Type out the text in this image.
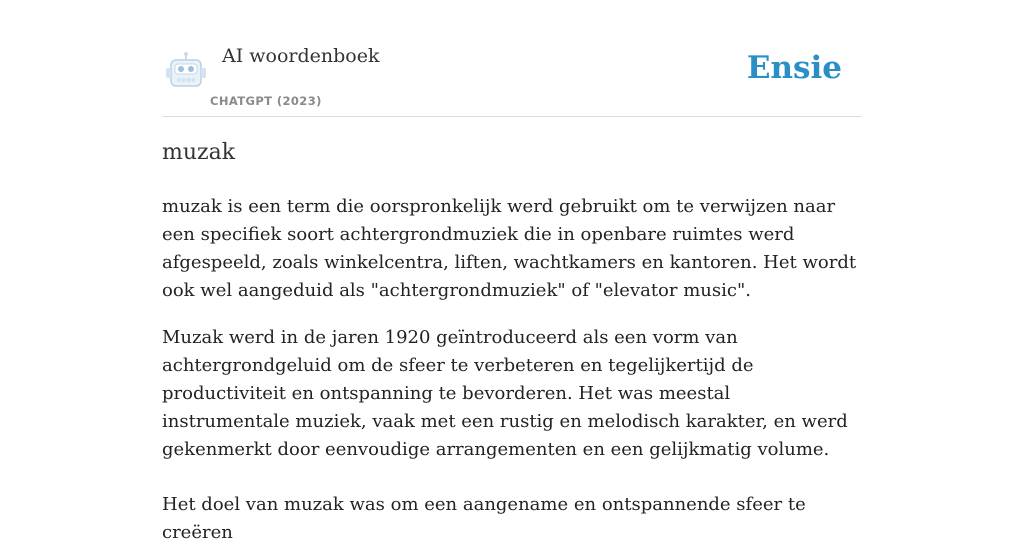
AI woordenboek
CHATGPT (2023)
Ensie
muzak

muzak is een term die oorspronkelijk werd gebruikt om te verwijzen naar een specifiek soort achtergrondmuziek die in openbare ruimtes werd afgespeeld, zoals winkelcentra, liften, wachtkamers en kantoren. Het wordt ook wel aangeduid als "achtergrondmuziek" of "elevator music".

Muzak werd in de jaren 1920 geïntroduceerd als een vorm van achtergrondgeluid om de sfeer te verbeteren en tegelijkertijd de productiviteit en ontspanning te bevorderen. Het was meestal instrumentale muziek, vaak met een rustig en melodisch karakter, en werd gekenmerkt door eenvoudige arrangementen en een gelijkmatig volume.

Het doel van muzak was om een aangename en ontspannende sfeer te creëren
